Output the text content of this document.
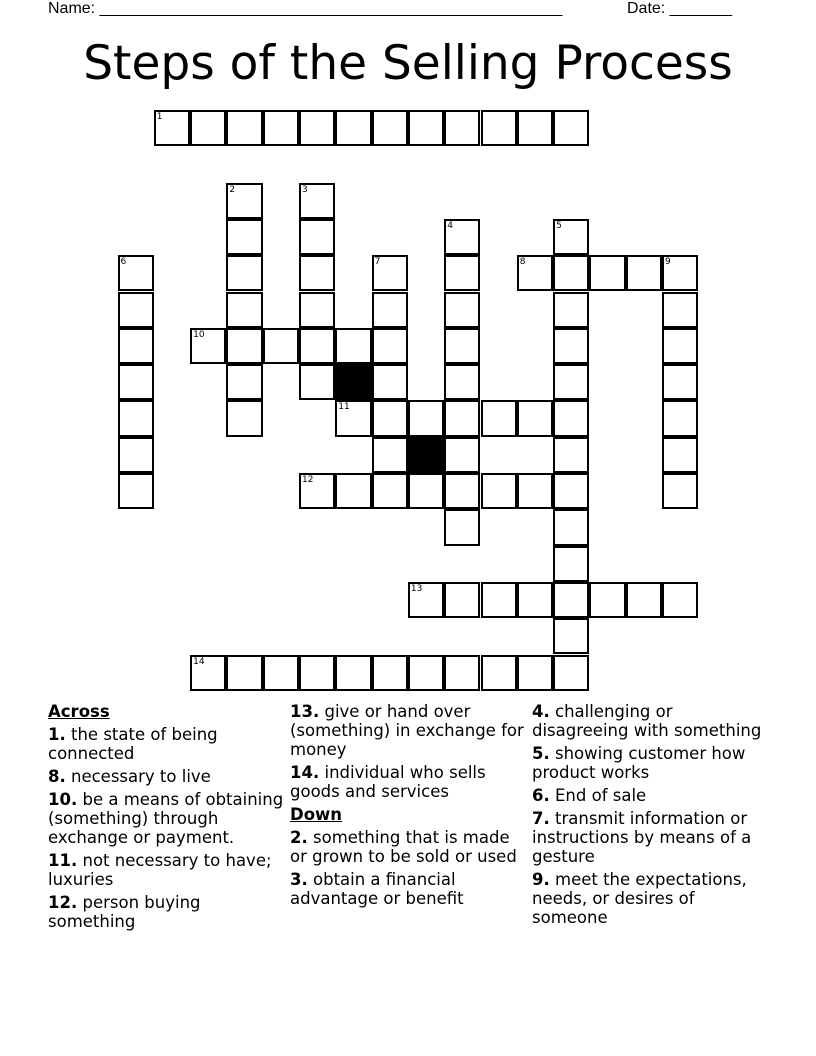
Name: ____________________________________________________	Date: _______
Steps of the Selling Process
1
2	3
4	5
6	7	8	9
10
11
12
13
14
Across
1. the state of being connected
8. necessary to live
10. be a means of obtaining (something) through exchange or payment.
11. not necessary to have; luxuries
12. person buying something
13. give or hand over (something) in exchange for money
14. individual who sells goods and services
Down
2. something that is made or grown to be sold or used
3. obtain a financial advantage or benefit
4. challenging or disagreeing with something
5. showing customer how product works
6. End of sale
7. transmit information or instructions by means of a gesture
9. meet the expectations, needs, or desires of someone
